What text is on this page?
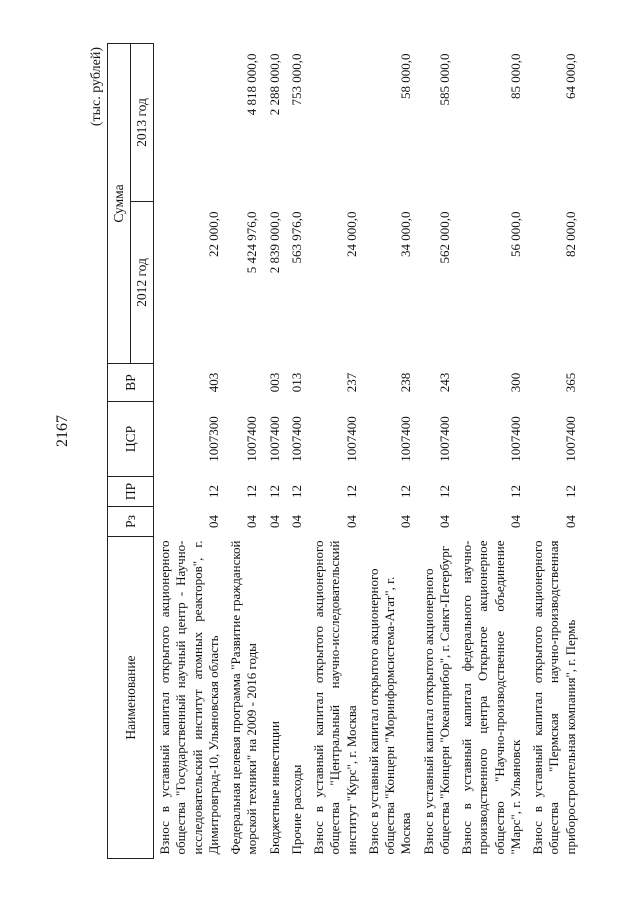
2167
(тыс. рублей)
Наименование	Рз	ПР	ЦСР	ВР	Сумма	
					2012 год	2013 год
Взнос в уставный капитал открытого акционерного общества "Государственный научный центр - Научно-исследовательский институт атомных реакторов", г. Димитровград-10, Ульяновская область	04	12	1007300	403	22 000,0	
Федеральная целевая программа "Развитие гражданской морской техники" на 2009 - 2016 годы	04	12	1007400		5 424 976,0	4 818 000,0
Бюджетные инвестиции	04	12	1007400	003	2 839 000,0	2 288 000,0
Прочие расходы	04	12	1007400	013	563 976,0	753 000,0
Взнос в уставный капитал открытого акционерного общества "Центральный научно-исследовательский институт "Курс", г. Москва	04	12	1007400	237	24 000,0	
Взнос в уставный капитал открытого акционерного общества "Концерн "Моринформсистема-Агат", г. Москва	04	12	1007400	238	34 000,0	58 000,0
Взнос в уставный капитал открытого акционерного общества "Концерн "Океанприбор", г. Санкт-Петербург	04	12	1007400	243	562 000,0	585 000,0
Взнос в уставный капитал федерального научно-производственного центра Открытое акционерное общество "Научно-производственное объединение "Марс", г. Ульяновск	04	12	1007400	300	56 000,0	85 000,0
Взнос в уставный капитал открытого акционерного общества "Пермская научно-производственная приборостроительная компания", г. Пермь	04	12	1007400	365	82 000,0	64 000,0
